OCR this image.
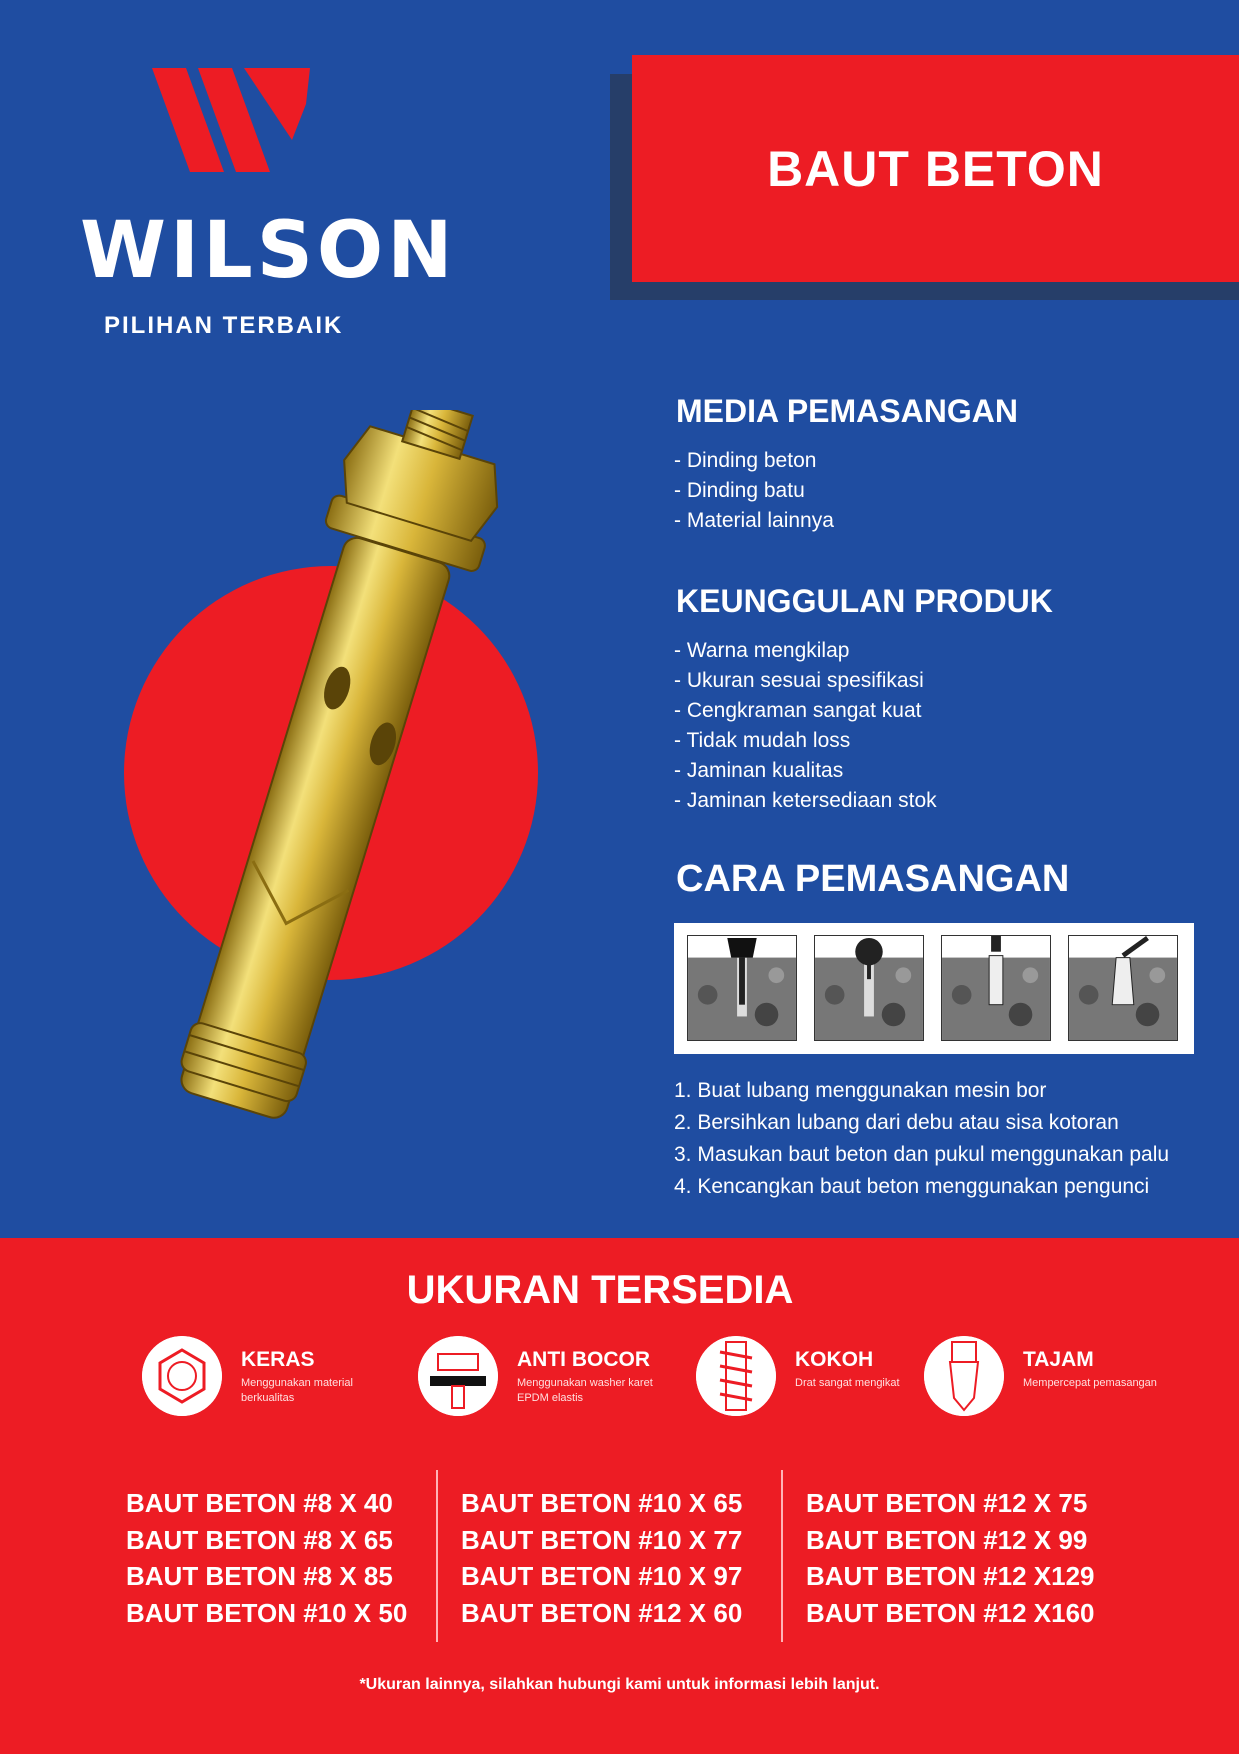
WILSON
PILIHAN TERBAIK
BAUT BETON
MEDIA PEMASANGAN
- Dinding beton
- Dinding batu
- Material lainnya
KEUNGGULAN PRODUK
- Warna mengkilap
- Ukuran sesuai spesifikasi
- Cengkraman sangat kuat
- Tidak mudah loss
- Jaminan kualitas
- Jaminan ketersediaan stok
CARA PEMASANGAN
1. Buat lubang menggunakan mesin bor
2. Bersihkan lubang dari debu atau sisa kotoran
3. Masukan baut beton dan pukul menggunakan palu
4. Kencangkan baut beton menggunakan pengunci
UKURAN TERSEDIA
KERAS
Menggunakan material berkualitas
ANTI BOCOR
Menggunakan washer karet EPDM elastis
KOKOH
Drat sangat mengikat
TAJAM
Mempercepat pemasangan
BAUT BETON #8 X 40
BAUT BETON #8 X 65
BAUT BETON #8 X 85
BAUT BETON #10 X 50
BAUT BETON #10 X 65
BAUT BETON #10 X 77
BAUT BETON #10 X 97
BAUT BETON #12 X 60
BAUT BETON #12 X 75
BAUT BETON #12 X 99
BAUT BETON #12 X129
BAUT BETON #12 X160
*Ukuran lainnya, silahkan hubungi kami untuk informasi lebih lanjut.
